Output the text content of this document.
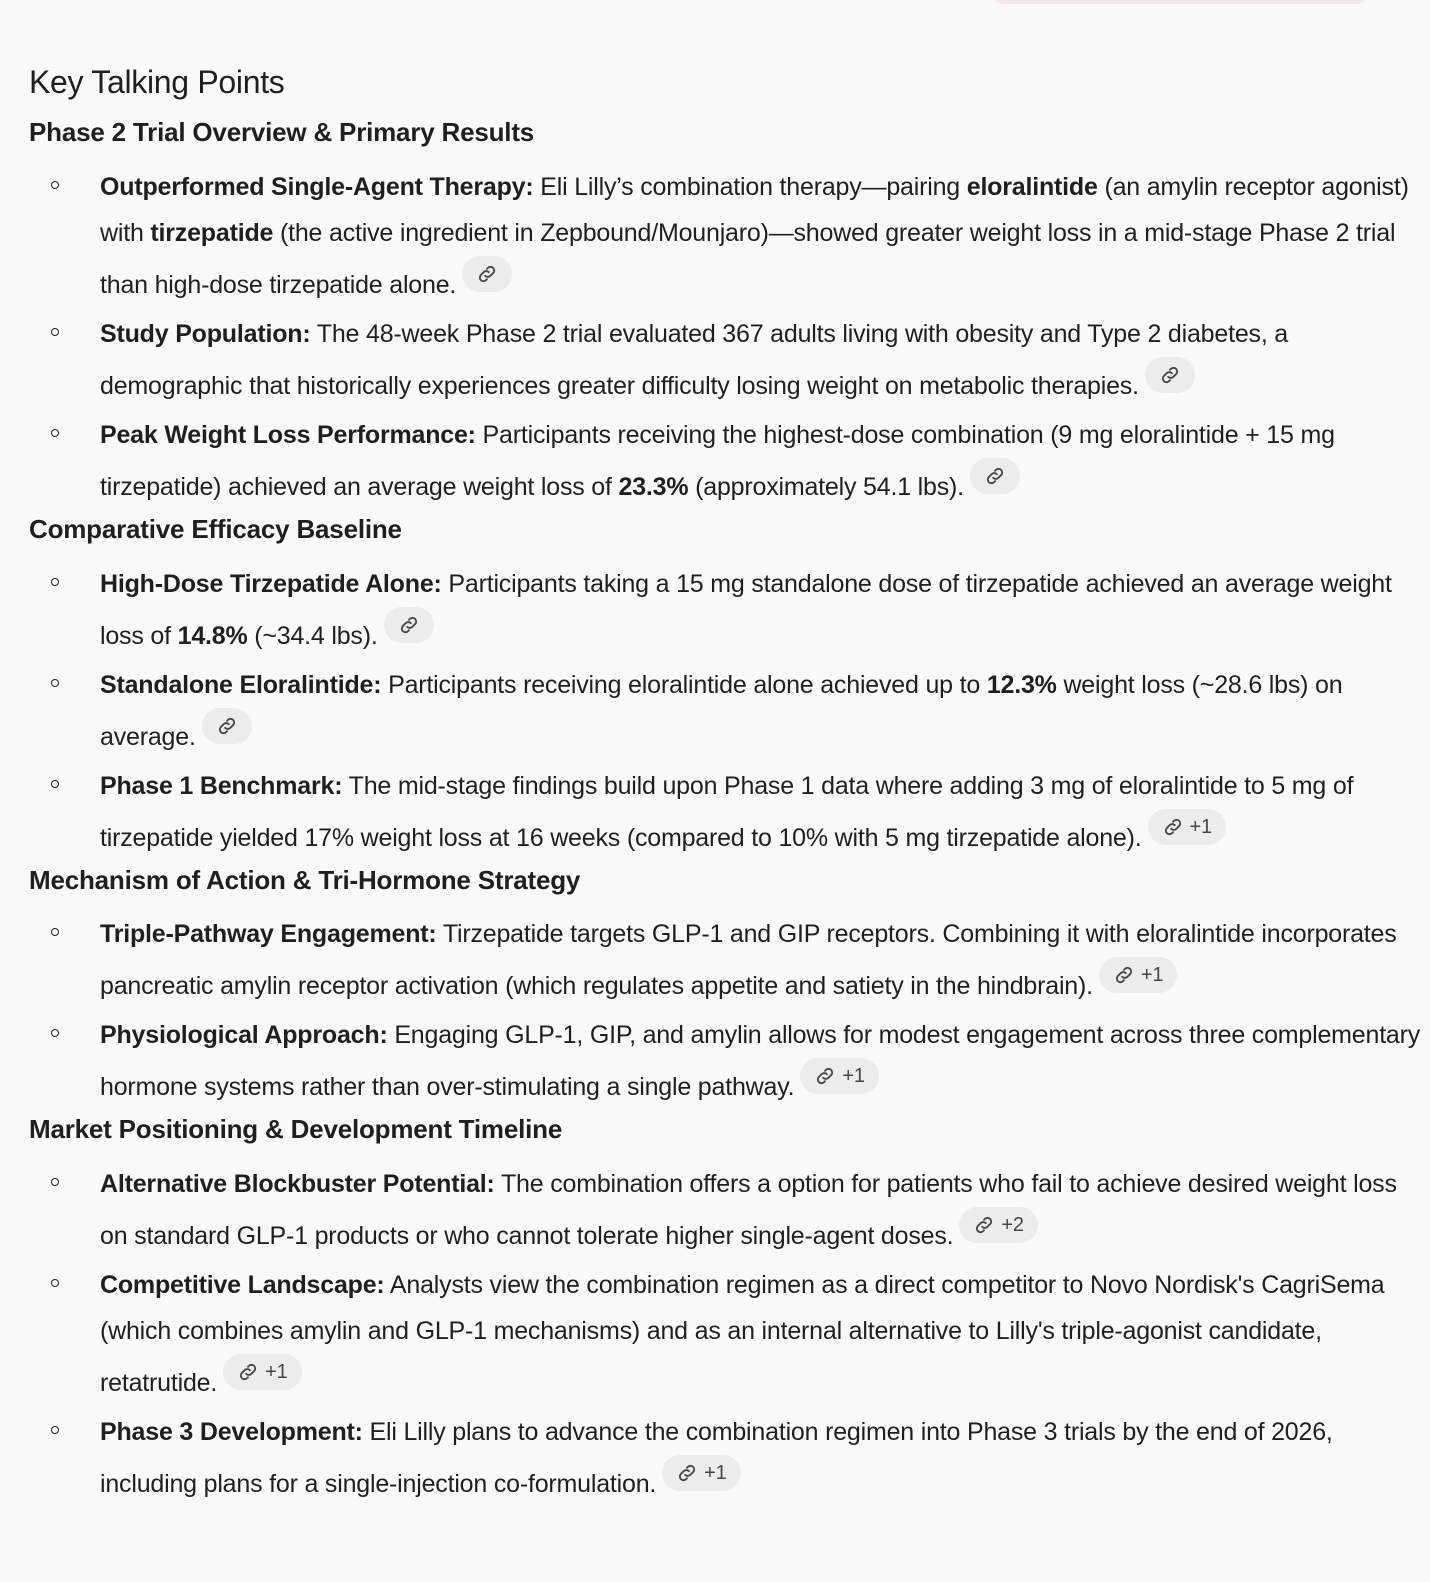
Key Talking Points
Phase 2 Trial Overview & Primary Results
Outperformed Single-Agent Therapy: Eli Lilly’s combination therapy—pairing eloralintide (an amylin receptor agonist) with tirzepatide (the active ingredient in Zepbound/Mounjaro)—showed greater weight loss in a mid-stage Phase 2 trial than high-dose tirzepatide alone.
Study Population: The 48-week Phase 2 trial evaluated 367 adults living with obesity and Type 2 diabetes, a demographic that historically experiences greater difficulty losing weight on metabolic therapies.
Peak Weight Loss Performance: Participants receiving the highest-dose combination (9 mg eloralintide + 15 mg tirzepatide) achieved an average weight loss of 23.3% (approximately 54.1 lbs).
Comparative Efficacy Baseline
High-Dose Tirzepatide Alone: Participants taking a 15 mg standalone dose of tirzepatide achieved an average weight loss of 14.8% (~34.4 lbs).
Standalone Eloralintide: Participants receiving eloralintide alone achieved up to 12.3% weight loss (~28.6 lbs) on average.
Phase 1 Benchmark: The mid-stage findings build upon Phase 1 data where adding 3 mg of eloralintide to 5 mg of tirzepatide yielded 17% weight loss at 16 weeks (compared to 10% with 5 mg tirzepatide alone). +1
Mechanism of Action & Tri-Hormone Strategy
Triple-Pathway Engagement: Tirzepatide targets GLP-1 and GIP receptors. Combining it with eloralintide incorporates pancreatic amylin receptor activation (which regulates appetite and satiety in the hindbrain). +1
Physiological Approach: Engaging GLP-1, GIP, and amylin allows for modest engagement across three complementary hormone systems rather than over-stimulating a single pathway. +1
Market Positioning & Development Timeline
Alternative Blockbuster Potential: The combination offers a option for patients who fail to achieve desired weight loss on standard GLP-1 products or who cannot tolerate higher single-agent doses. +2
Competitive Landscape: Analysts view the combination regimen as a direct competitor to Novo Nordisk's CagriSema (which combines amylin and GLP-1 mechanisms) and as an internal alternative to Lilly's triple-agonist candidate, retatrutide. +1
Phase 3 Development: Eli Lilly plans to advance the combination regimen into Phase 3 trials by the end of 2026, including plans for a single-injection co-formulation. +1
